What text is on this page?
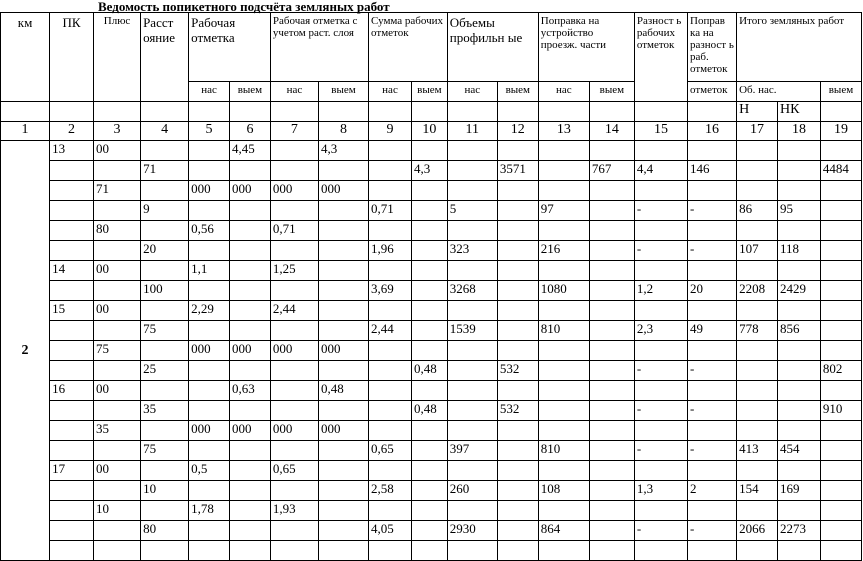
Ведомость попикетного подсчёта земляных работ
км	ПК	Плюс	Расст ояние	Рабочая отметка		Рабочая отметка с учетом раст. слоя		Сумма рабочих отметок		Объемы профильн ые		Поправка на устройство проезж. части		Разност ь рабочих отметок	Поправ ка на разност ь раб. отметок	Итого земляных работ		
				нас	выем	нас	выем	нас	выем	нас	выем	нас	выем		отметок	Об. нас.		выем
																Н	НК	
1	2	3	4	5	6	7	8	9	10	11	12	13	14	15	16	17	18	19
2	13	00			4,45		4,3											
			71						4,3		3571		767	4,4	146			4484
		71		000	000	000	000											
			9					0,71		5		97		-	-	86	95	
		80		0,56		0,71												
			20					1,96		323		216		-	-	107	118	
	14	00		1,1		1,25												
			100					3,69		3268		1080		1,2	20	2208	2429	
	15	00		2,29		2,44												
			75					2,44		1539		810		2,3	49	778	856	
		75		000	000	000	000											
			25						0,48		532			-	-			802
	16	00			0,63		0,48											
			35						0,48		532			-	-			910
		35		000	000	000	000											
			75					0,65		397		810		-	-	413	454	
	17	00		0,5		0,65												
			10					2,58		260		108		1,3	2	154	169	
		10		1,78		1,93												
			80					4,05		2930		864		-	-	2066	2273	
